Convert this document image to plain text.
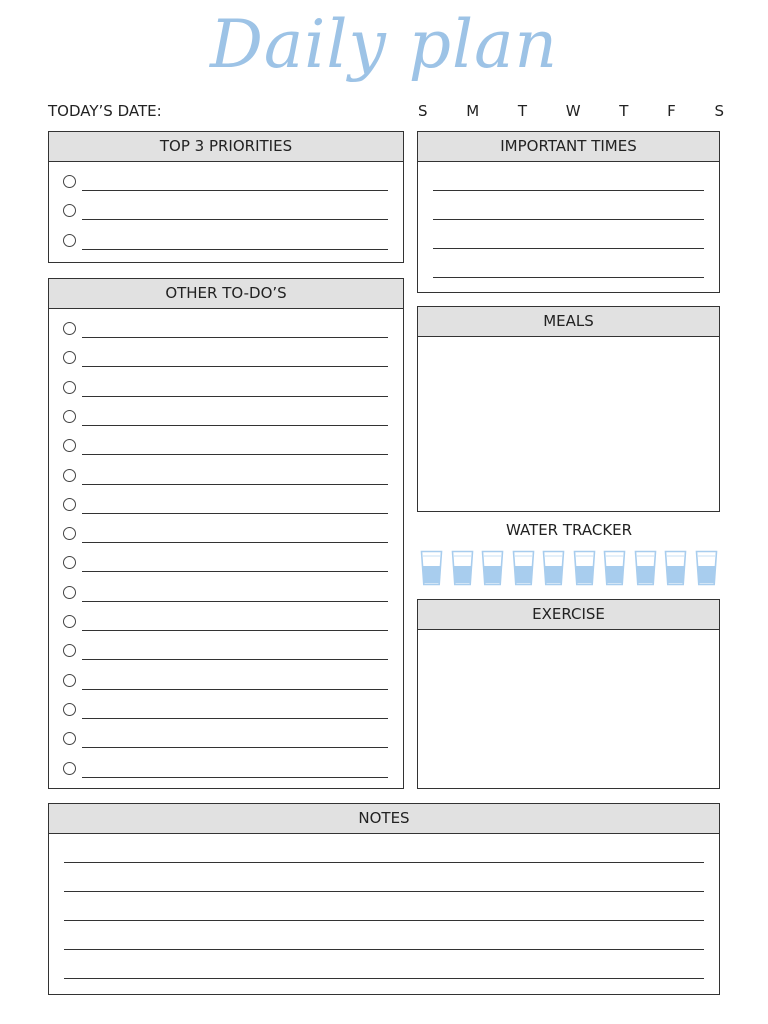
Daily plan
TODAY’S DATE:	S	M	T	W	T	F	S
TOP 3 PRIORITIES	IMPORTANT TIMES
OTHER TO-DO’S
MEALS
WATER TRACKER
EXERCISE
NOTES
